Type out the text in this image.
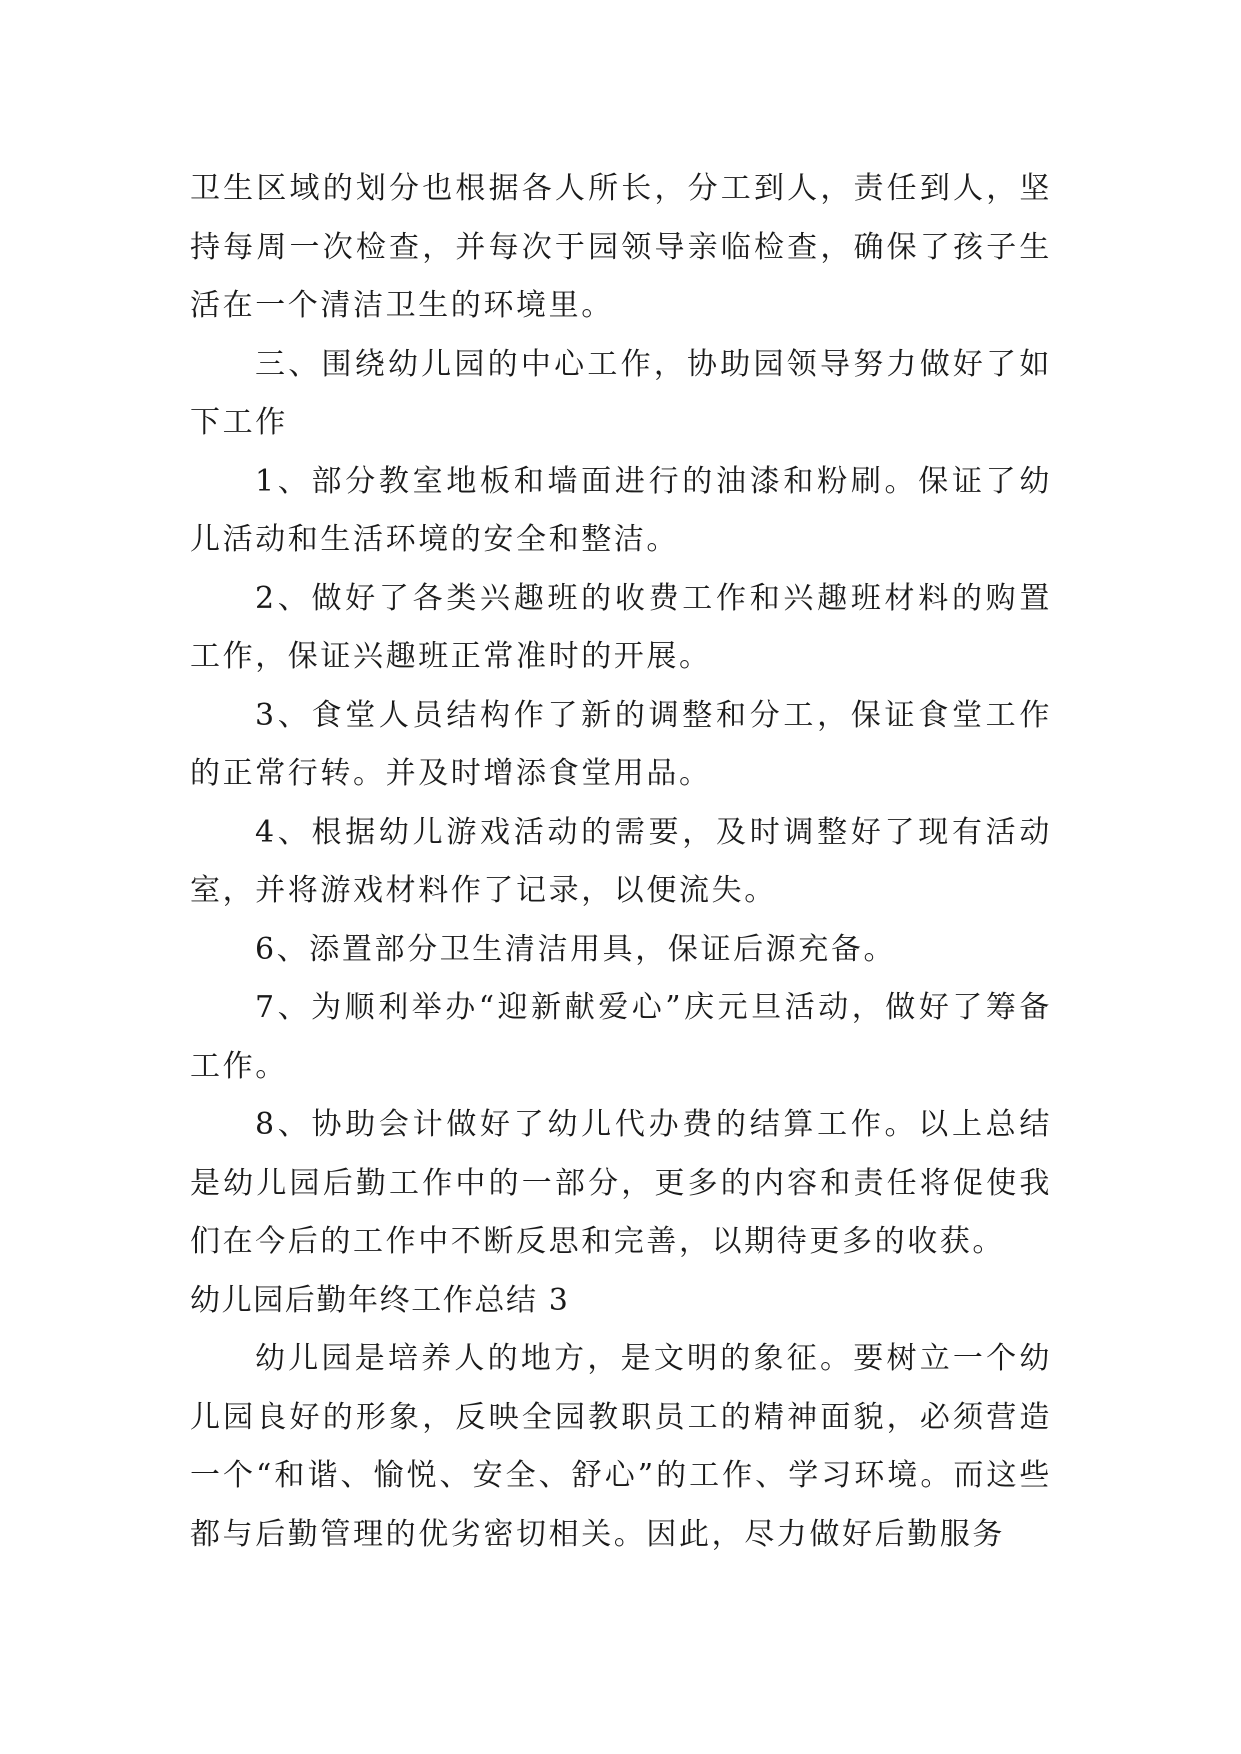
卫生区域的划分也根据各人所长，分工到人，责任到人，坚持每周一次检查，并每次于园领导亲临检查，确保了孩子生活在一个清洁卫生的环境里。

三、围绕幼儿园的中心工作，协助园领导努力做好了如下工作

1、部分教室地板和墙面进行的油漆和粉刷。保证了幼儿活动和生活环境的安全和整洁。

2、做好了各类兴趣班的收费工作和兴趣班材料的购置工作，保证兴趣班正常准时的开展。

3、食堂人员结构作了新的调整和分工，保证食堂工作的正常行转。并及时增添食堂用品。

4、根据幼儿游戏活动的需要，及时调整好了现有活动室，并将游戏材料作了记录，以便流失。

6、添置部分卫生清洁用具，保证后源充备。

7、为顺利举办“迎新献爱心”庆元旦活动，做好了筹备工作。

8、协助会计做好了幼儿代办费的结算工作。以上总结是幼儿园后勤工作中的一部分，更多的内容和责任将促使我们在今后的工作中不断反思和完善，以期待更多的收获。

幼儿园后勤年终工作总结 3

幼儿园是培养人的地方，是文明的象征。要树立一个幼儿园良好的形象，反映全园教职员工的精神面貌，必须营造一个“和谐、愉悦、安全、舒心”的工作、学习环境。而这些都与后勤管理的优劣密切相关。因此，尽力做好后勤服务
